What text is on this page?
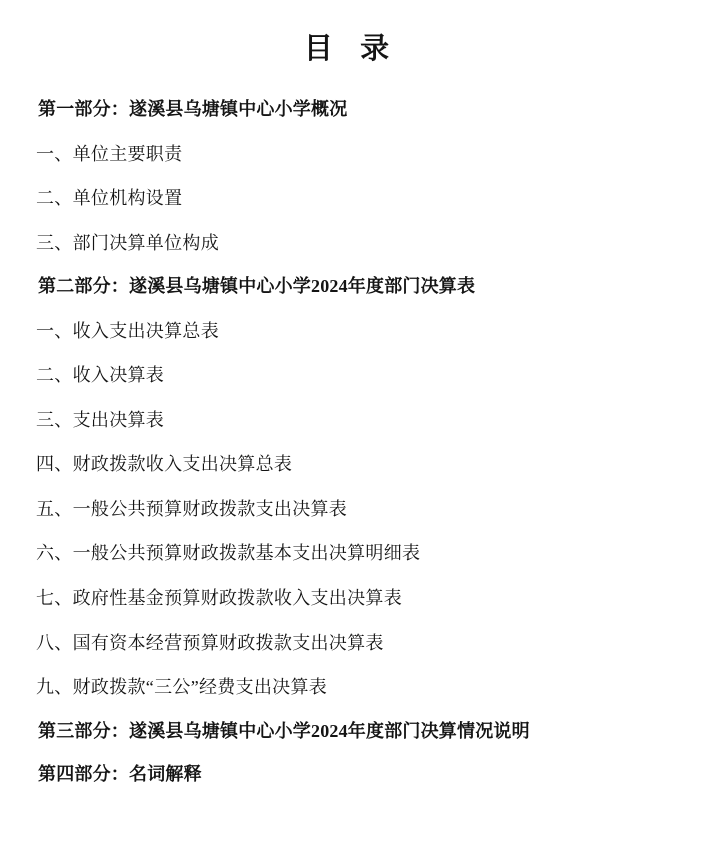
目 录
第一部分：遂溪县乌塘镇中心小学概况
一、单位主要职责
二、单位机构设置
三、部门决算单位构成
第二部分：遂溪县乌塘镇中心小学2024年度部门决算表
一、收入支出决算总表
二、收入决算表
三、支出决算表
四、财政拨款收入支出决算总表
五、一般公共预算财政拨款支出决算表
六、一般公共预算财政拨款基本支出决算明细表
七、政府性基金预算财政拨款收入支出决算表
八、国有资本经营预算财政拨款支出决算表
九、财政拨款“三公”经费支出决算表
第三部分：遂溪县乌塘镇中心小学2024年度部门决算情况说明
第四部分：名词解释
